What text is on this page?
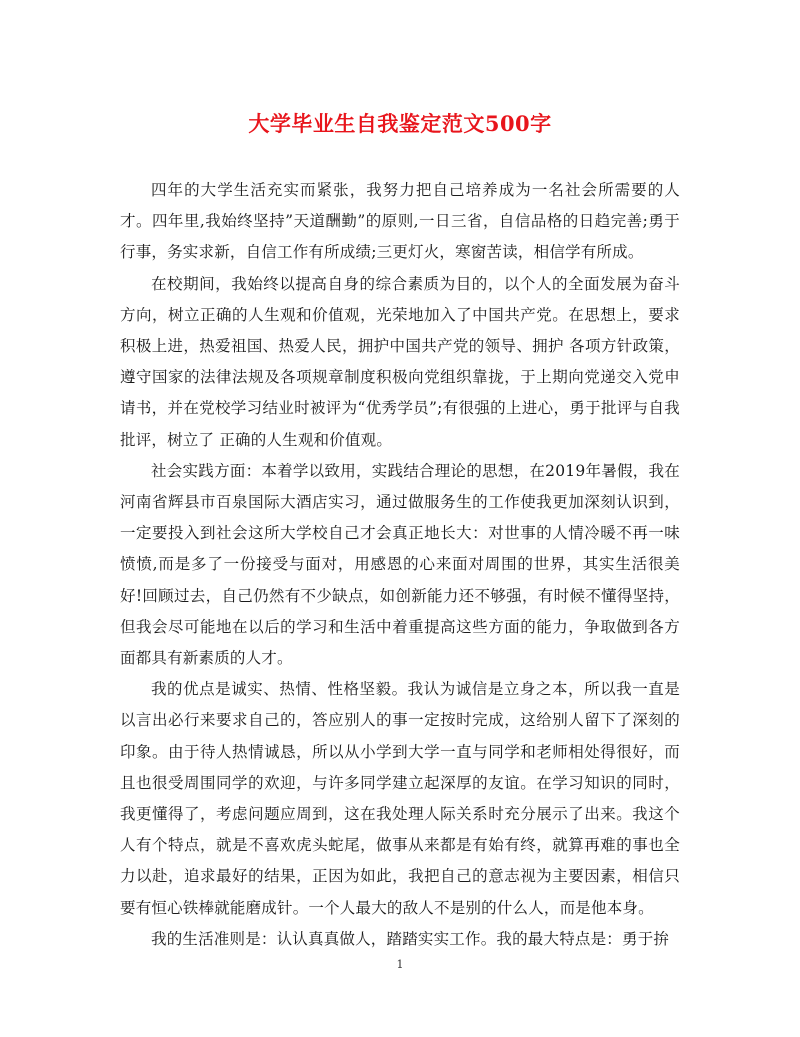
大学毕业生自我鉴定范文500字

四年的大学生活充实而紧张，我努力把自己培养成为一名社会所需要的人才。四年里,我始终坚持”天道酬勤”的原则,一日三省，自信品格的日趋完善;勇于行事，务实求新，自信工作有所成绩;三更灯火，寒窗苦读，相信学有所成。

在校期间，我始终以提高自身的综合素质为目的，以个人的全面发展为奋斗方向，树立正确的人生观和价值观，光荣地加入了中国共产党。在思想上，要求积极上进，热爱祖国、热爱人民，拥护中国共产党的领导、拥护 各项方针政策，遵守国家的法律法规及各项规章制度积极向党组织靠拢，于上期向党递交入党申请书，并在党校学习结业时被评为“优秀学员”;有很强的上进心，勇于批评与自我批评，树立了 正确的人生观和价值观。

社会实践方面：本着学以致用，实践结合理论的思想，在2019年暑假，我在河南省辉县市百泉国际大酒店实习，通过做服务生的工作使我更加深刻认识到，一定要投入到社会这所大学校自己才会真正地长大：对世事的人情冷暖不再一味愤愤,而是多了一份接受与面对，用感恩的心来面对周围的世界，其实生活很美好!回顾过去，自己仍然有不少缺点，如创新能力还不够强，有时候不懂得坚持，但我会尽可能地在以后的学习和生活中着重提高这些方面的能力，争取做到各方面都具有新素质的人才。

我的优点是诚实、热情、性格坚毅。我认为诚信是立身之本，所以我一直是以言出必行来要求自己的，答应别人的事一定按时完成，这给别人留下了深刻的印象。由于待人热情诚恳，所以从小学到大学一直与同学和老师相处得很好，而且也很受周围同学的欢迎，与许多同学建立起深厚的友谊。在学习知识的同时，我更懂得了，考虑问题应周到，这在我处理人际关系时充分展示了出来。我这个人有个特点，就是不喜欢虎头蛇尾，做事从来都是有始有终，就算再难的事也全力以赴，追求最好的结果，正因为如此，我把自己的意志视为主要因素，相信只要有恒心铁棒就能磨成针。一个人最大的敌人不是别的什么人，而是他本身。

我的生活准则是：认认真真做人，踏踏实实工作。我的最大特点是：勇于拚

1
